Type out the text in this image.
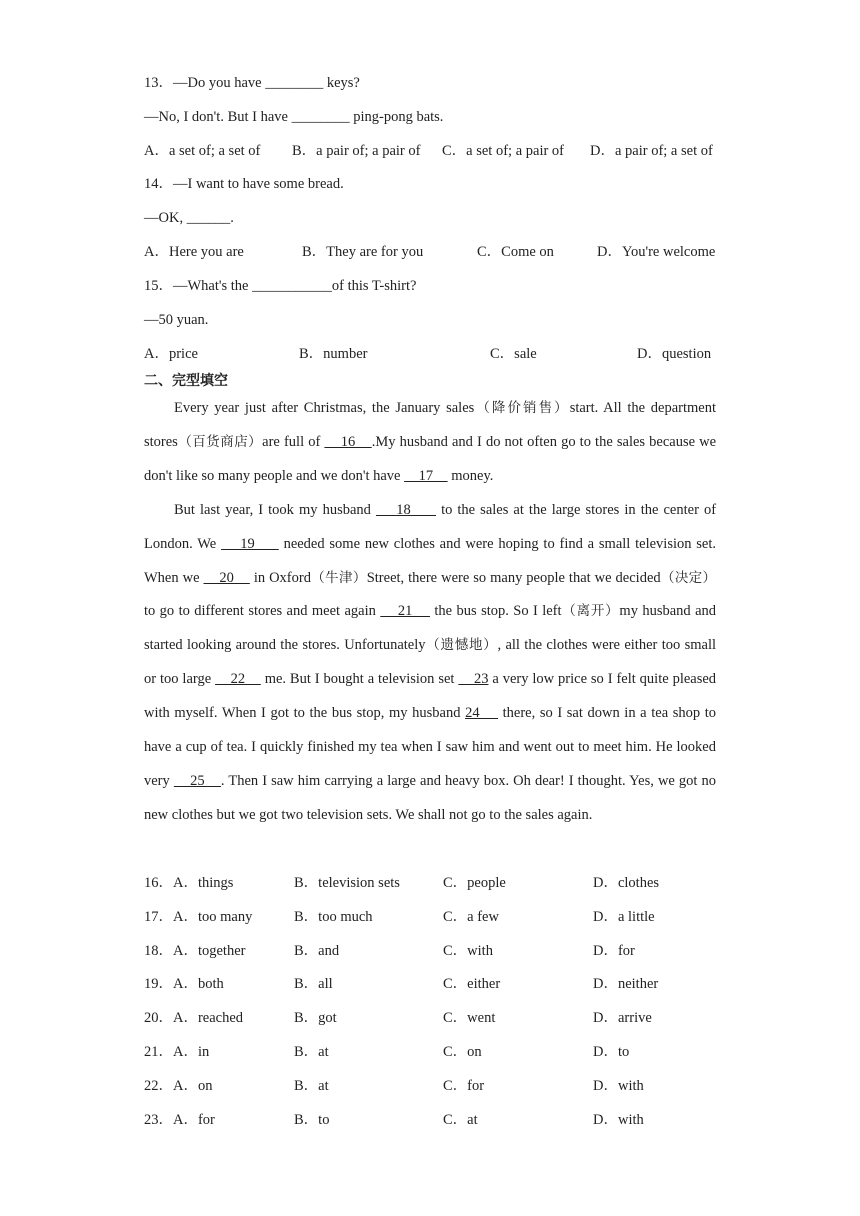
13．—Do you have ________ keys?
—No, I don't. But I have ________ ping-pong bats.
A．a set of; a set of B．a pair of; a pair of C．a set of; a pair of D．a pair of; a set of
14．—I want to have some bread.
—OK, ______.
A．Here you are	B．They are for you	C．Come on	D．You're welcome
15．—What's the ___________of this T-shirt?
—50 yuan.
A．price	B．number	C．sale	D．question
二、完型填空

Every year just after Christmas, the January sales（降价销售）start. All the department stores（百货商店）are full of     16    .My husband and I do not often go to the sales because we don't like so many people and we don't have     17     money.

But last year, I took my husband     18      to the sales at the large stores in the center of London. We     19      needed some new clothes and were hoping to find a small television set. When we     20     in Oxford（牛津）Street, there were so many people that we decided（决定）to go to different stores and meet again     21     the bus stop. So I left（离开）my husband and started looking around the stores. Unfortunately（遗憾地）, all the clothes were either too small or too large     22     me. But I bought a television set     23 a very low price so I felt quite pleased with myself. When I got to the bus stop, my husband 24     there, so I sat down in a tea shop to have a cup of tea. I quickly finished my tea when I saw him and went out to meet him. He looked very     25    . Then I saw him carrying a large and heavy box. Oh dear! I thought. Yes, we got no new clothes but we got two television sets. We shall not go to the sales again.

16．A．things	B．television sets	C．people	D．clothes
17．A．too many	B．too much	C．a few	D．a little
18．A．together	B．and	C．with	D．for
19．A．both	B．all	C．either	D．neither
20．A．reached	B．got	C．went	D．arrive
21．A．in	B．at	C．on	D．to
22．A．on	B．at	C．for	D．with
23．A．for	B．to	C．at	D．with
